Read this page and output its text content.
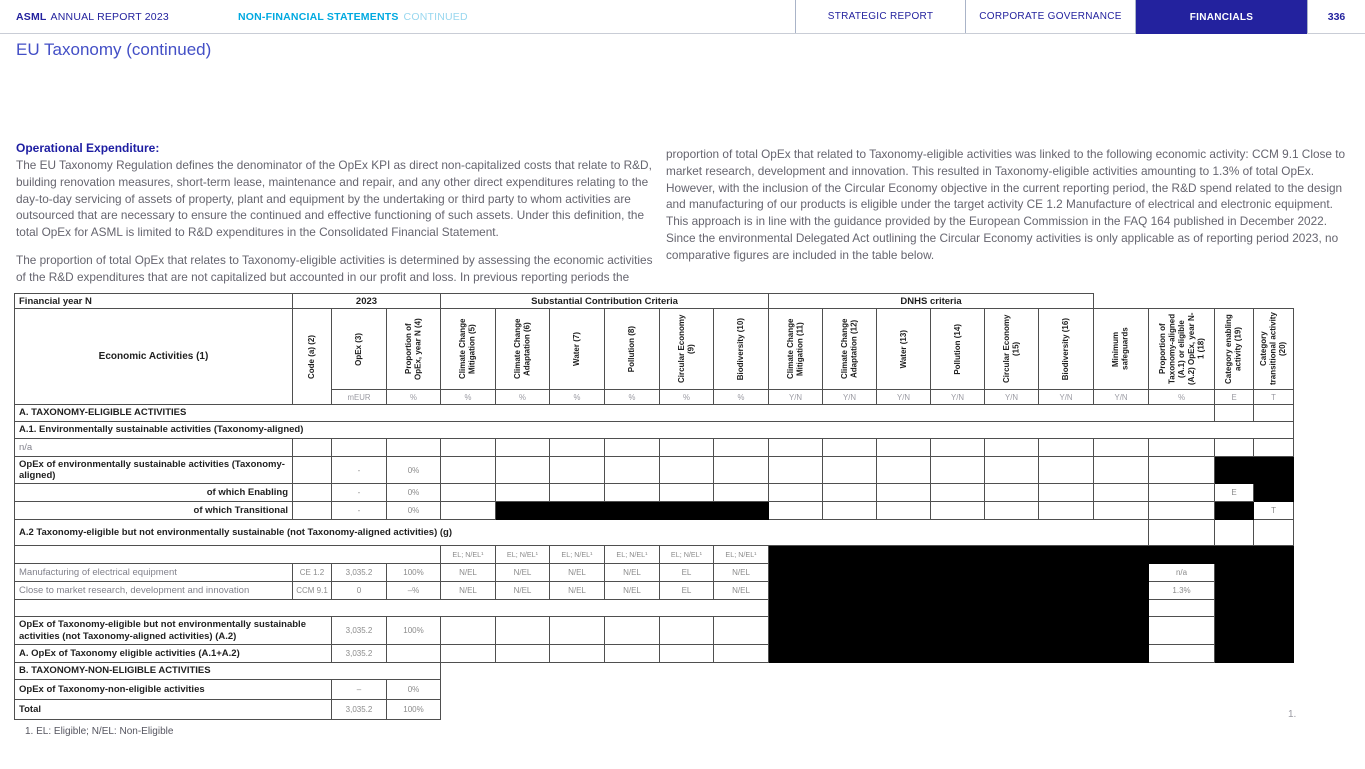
ASML ANNUAL REPORT 2023	NON-FINANCIAL STATEMENTS CONTINUED	STRATEGIC REPORT	CORPORATE GOVERNANCE	FINANCIALS	336
EU Taxonomy (continued)
Operational Expenditure:

The EU Taxonomy Regulation defines the denominator of the OpEx KPI as direct non-capitalized costs that relate to R&D, building renovation measures, short-term lease, maintenance and repair, and any other direct expenditures relating to the day-to-day servicing of assets of property, plant and equipment by the undertaking or third party to whom activities are outsourced that are necessary to ensure the continued and effective functioning of such assets. Under this definition, the total OpEx for ASML is limited to R&D expenditures in the Consolidated Financial Statement.

The proportion of total OpEx that relates to Taxonomy-eligible activities is determined by assessing the economic activities of the R&D expenditures that are not capitalized but accounted in our profit and loss. In previous reporting periods the

proportion of total OpEx that related to Taxonomy-eligible activities was linked to the following economic activity: CCM 9.1 Close to market research, development and innovation. This resulted in Taxonomy-eligible activities amounting to 1.3% of total OpEx. However, with the inclusion of the Circular Economy objective in the current reporting period, the R&D spend related to the design and manufacturing of our products is eligible under the target activity CE 1.2 Manufacture of electrical and electronic equipment. This approach is in line with the guidance provided by the European Commission in the FAQ 164 published in December 2022. Since the environmental Delegated Act outlining the Circular Economy activities is only applicable as of reporting period 2023, no comparative figures are included in the table below.

Financial year N	2023			Substantial Contribution Criteria						DNHS criteria									
Economic Activities (1)	Code (a) (2)	OpEx (3)	Proportion of OpEx, year N (4)	Climate Change Mitigation (5)	Climate Change Adaptation (6)	Water (7)	Pollution (8)	Circular Economy (9)	Biodiversity (10)	Climate Change Mitigation (11)	Climate Change Adaptation (12)	Water (13)	Pollution (14)	Circular Economy (15)	Biodiversity (16)	Minimum safeguards	Proportion of Taxonomy-aligned (A.1) or eligible (A.2) OpEx, year N-1 (18)	Category enabling activity (19)	Category transitional activity (20)

		mEUR	%	%	%	%	%	%	%	Y/N	Y/N	Y/N	Y/N	Y/N	Y/N	Y/N	%	E	T
A. TAXONOMY-ELIGIBLE ACTIVITIES																			
A.1. Environmentally sustainable activities (Taxonomy-aligned)																			
n/a																			
OpEx of environmentally sustainable activities (Taxonomy-aligned)		-	0%																
of which Enabling		-	0%															E	
of which Transitional		-	0%																T
A.2 Taxonomy-eligible but not environmentally sustainable (not Taxonomy-aligned activities) (g)																			
				EL; N/EL¹	EL; N/EL¹	EL; N/EL¹	EL; N/EL¹	EL; N/EL¹	EL; N/EL¹										
Manufacturing of electrical equipment	CE 1.2	3,035.2	100%	N/EL	N/EL	N/EL	N/EL	EL	N/EL								n/a		
Close to market research, development and innovation	CCM 9.1	0	–%	N/EL	N/EL	N/EL	N/EL	EL	N/EL								1.3%		

OpEx of Taxonomy-eligible but not environmentally sustainable activities (not Taxonomy-aligned activities) (A.2)		3,035.2	100%																
A. OpEx of Taxonomy eligible activities (A.1+A.2)		3,035.2																	
B. TAXONOMY-NON-ELIGIBLE ACTIVITIES																			
OpEx of Taxonomy-non-eligible activities		–	0%																
Total		3,035.2	100%																
1. EL: Eligible; N/EL: Non-Eligible
1.
